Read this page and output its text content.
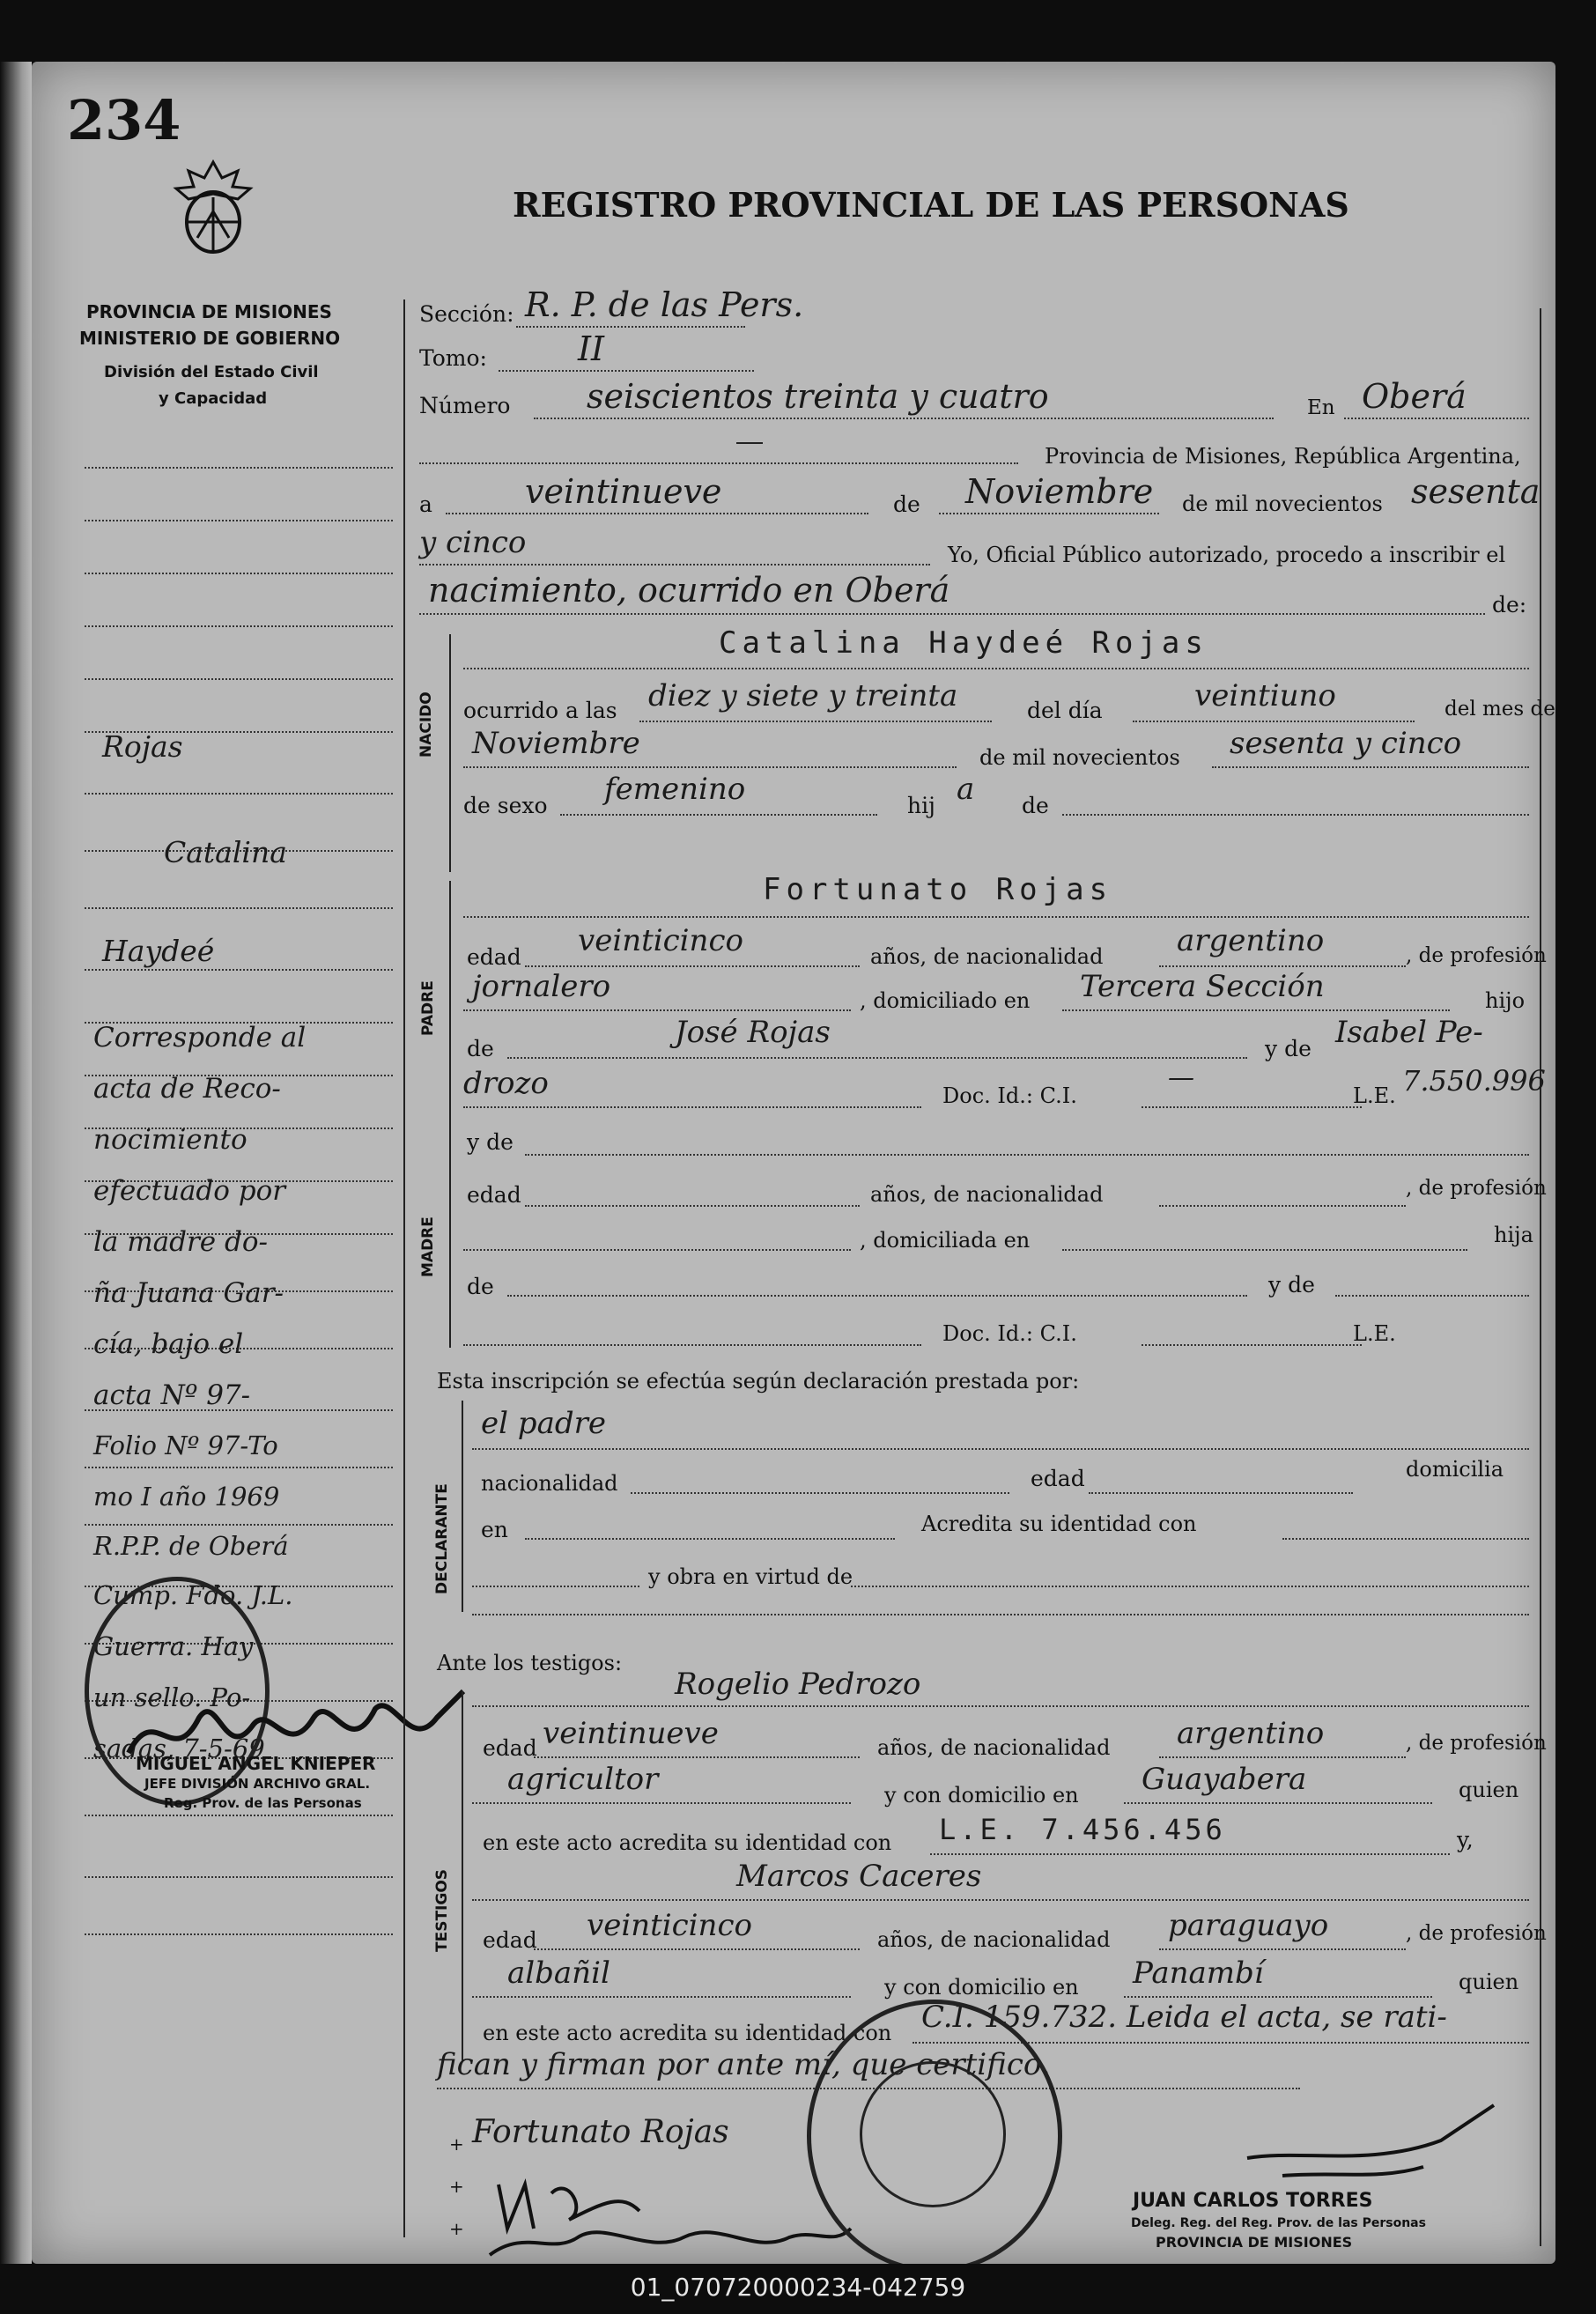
234
REGISTRO PROVINCIAL DE LAS PERSONAS
PROVINCIA DE MISIONES
MINISTERIO DE GOBIERNO
División del Estado Civil
y Capacidad
Rojas
Catalina
Haydeé
Corresponde al
acta de Reco-
nocimiento
efectuado por
la madre do-
ña Juana Gar-
cía, bajo el
acta Nº 97-
Folio Nº 97-To
mo I año 1969
R.P.P. de Oberá
Cump. Fdo. J.L.
Guerra. Hay
un sello. Po-
sadas, 7-5-69
MIGUEL ANGEL KNIEPER
JEFE DIVISIÓN ARCHIVO GRAL.
Reg. Prov. de las Personas
Sección: R. P. de las Pers.
Tomo:	II
Número seiscientos treinta y cuatro	En Oberá
Provincia de Misiones, República Argentina,
a	veintinueve	de Noviembre de mil novecientos sesenta
y cinco	Yo, Oficial Público autorizado, procedo a inscribir el
nacimiento, ocurrido en Oberá	de:
NACIDO
Catalina Haydeé Rojas
ocurrido a las diez y siete y treinta	del día	veintiuno	del mes de
Noviembre	de mil novecientos sesenta y cinco
de sexo femenino	hij a de
PADRE
Fortunato Rojas
edad veinticinco	años, de nacionalidad argentino	, de profesión
jornalero	, domiciliado en Tercera Sección	hijo
de	José Rojas	y de Isabel Pe-
drozo	Doc. Id.: C.I.
—
L.E. 7.550.996
MADRE
y de
edad	años, de nacionalidad	, de profesión
, domiciliada en	hija
de	y de
Doc. Id.: C.I.	L.E.
Esta inscripción se efectúa según declaración prestada por:
DECLARANTE
el padre
nacionalidad	edad	domicilia
en	Acredita su identidad con
y obra en virtud de
Ante los testigos:
TESTIGOS
Rogelio Pedrozo
edad veintinueve	años, de nacionalidad argentino	, de profesión
agricultor	y con domicilio en Guayabera	quien
en este acto acredita su identidad con L.E. 7.456.456	y,
Marcos Caceres
edad veinticinco	años, de nacionalidad paraguayo	, de profesión
albañil	y con domicilio en Panambí	quien
en este acto acredita su identidad con C.I. 159.732. Leida el acta, se rati-
fican y firman por ante mí, que certifico.
Fortunato Rojas
+
+
+
JUAN CARLOS TORRES
Deleg. Reg. del Reg. Prov. de las Personas
PROVINCIA DE MISIONES
01_070720000234-042759
